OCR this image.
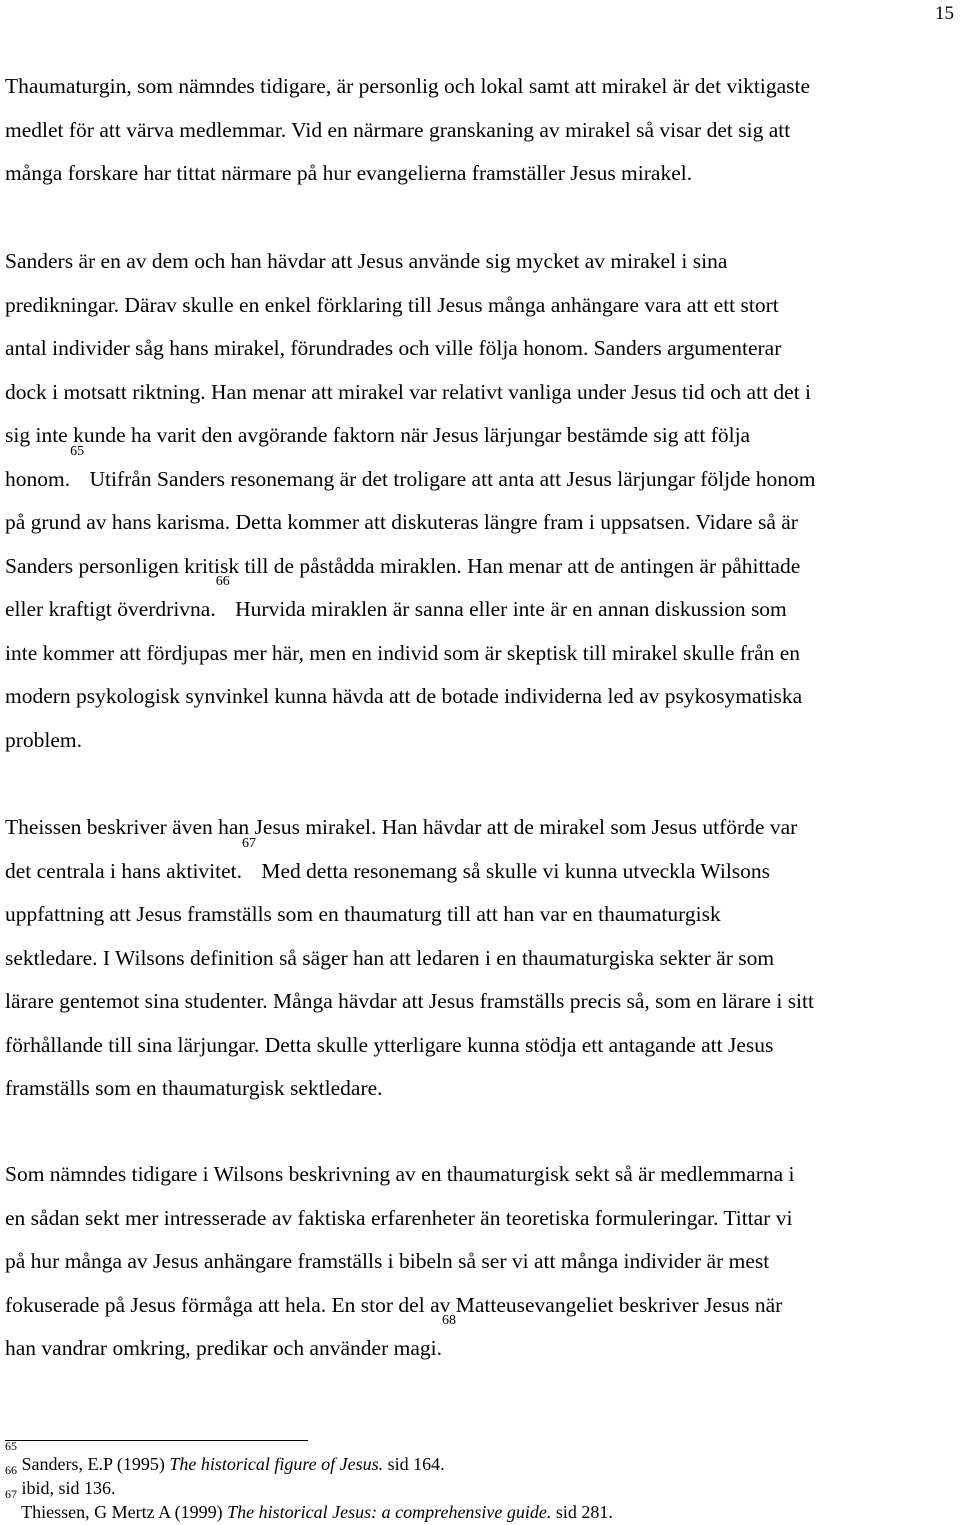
15
Thaumaturgin, som nämndes tidigare, är personlig och lokal samt att mirakel är det viktigaste
medlet för att värva medlemmar. Vid en närmare granskaning av mirakel så visar det sig att
många forskare har tittat närmare på hur evangelierna framställer Jesus mirakel.
Sanders är en av dem och han hävdar att Jesus använde sig mycket av mirakel i sina
predikningar. Därav skulle en enkel förklaring till Jesus många anhängare vara att ett stort
antal individer såg hans mirakel, förundrades och ville följa honom. Sanders argumenterar
dock i motsatt riktning. Han menar att mirakel var relativt vanliga under Jesus tid och att det i
sig inte kunde ha varit den avgörande faktorn när Jesus lärjungar bestämde sig att följa
honom.$^{65}$ Utifrån Sanders resonemang är det troligare att anta att Jesus lärjungar följde honom
på grund av hans karisma. Detta kommer att diskuteras längre fram i uppsatsen. Vidare så är
Sanders personligen kritisk till de påstådda miraklen. Han menar att de antingen är påhittade
eller kraftigt överdrivna.$^{66}$ Hurvida miraklen är sanna eller inte är en annan diskussion som
inte kommer att fördjupas mer här, men en individ som är skeptisk till mirakel skulle från en
modern psykologisk synvinkel kunna hävda att de botade individerna led av psykosymatiska
problem.
Theissen beskriver även han Jesus mirakel. Han hävdar att de mirakel som Jesus utförde var
det centrala i hans aktivitet.$^{67}$ Med detta resonemang så skulle vi kunna utveckla Wilsons
uppfattning att Jesus framställs som en thaumaturg till att han var en thaumaturgisk
sektledare. I Wilsons definition så säger han att ledaren i en thaumaturgiska sekter är som
lärare gentemot sina studenter. Många hävdar att Jesus framställs precis så, som en lärare i sitt
förhållande till sina lärjungar. Detta skulle ytterligare kunna stödja ett antagande att Jesus
framställs som en thaumaturgisk sektledare.
Som nämndes tidigare i Wilsons beskrivning av en thaumaturgisk sekt så är medlemmarna i
en sådan sekt mer intresserade av faktiska erfarenheter än teoretiska formuleringar. Tittar vi
på hur många av Jesus anhängare framställs i bibeln så ser vi att många individer är mest
fokuserade på Jesus förmåga att hela. En stor del av Matteusevangeliet beskriver Jesus när
han vandrar omkring, predikar och använder magi.$^{68}$
$^{65}$ Sanders, E.P (1995) The historical figure of Jesus. sid 164.
$^{66}$ ibid, sid 136.
$^{67}$ Thiessen, G Mertz A (1999) The historical Jesus: a comprehensive guide. sid 281.
